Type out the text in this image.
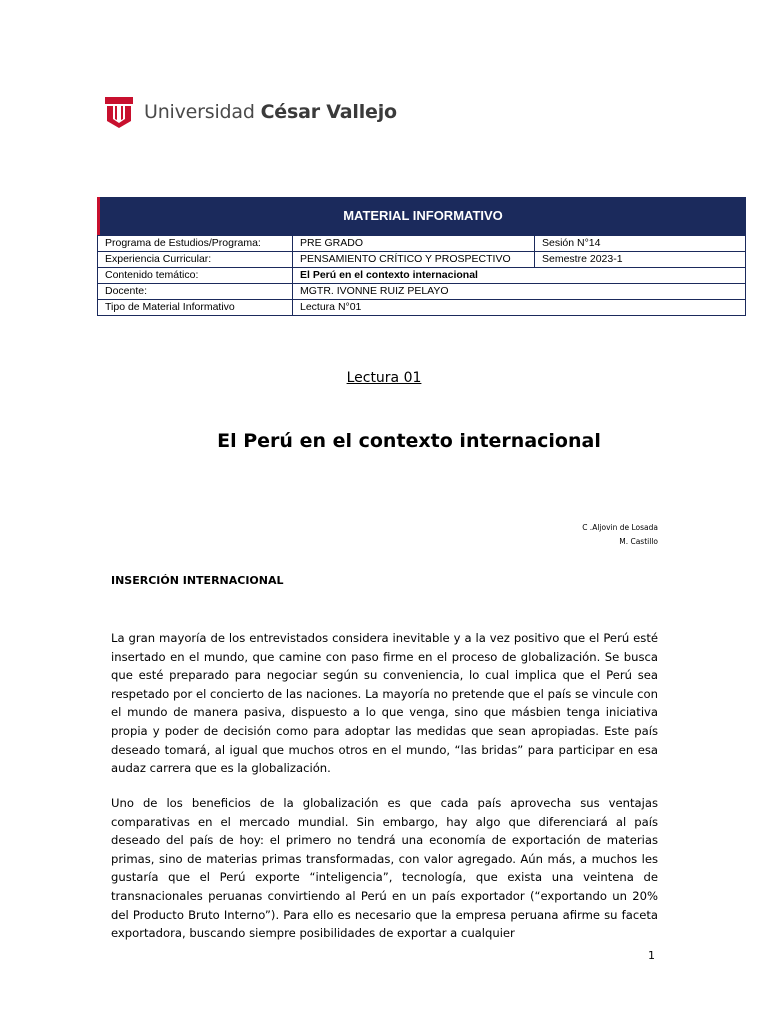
Universidad César Vallejo
MATERIAL INFORMATIVO
Programa de Estudios/Programa:	PRE GRADO	Sesión N°14
Experiencia Curricular:	PENSAMIENTO CRÍTICO Y PROSPECTIVO	Semestre 2023-1
Contenido temático:	El Perú en el contexto internacional	
Docente:	MGTR. IVONNE RUIZ PELAYO	
Tipo de Material Informativo	Lectura N°01	
Lectura 01
El Perú en el contexto internacional
C .Aljovin de Losada
M. Castillo
INSERCIÓN INTERNACIONAL
La gran mayoría de los entrevistados considera inevitable y a la vez positivo que el Perú esté insertado en el mundo, que camine con paso firme en el proceso de globalización. Se busca que esté preparado para negociar según su conveniencia, lo cual implica que el Perú sea respetado por el concierto de las naciones. La mayoría no pretende que el país se vincule con el mundo de manera pasiva, dispuesto a lo que venga, sino que másbien tenga iniciativa propia y poder de decisión como para adoptar las medidas que sean apropiadas. Este país deseado tomará, al igual que muchos otros en el mundo, “las bridas” para participar en esa audaz carrera que es la globalización.
Uno de los beneficios de la globalización es que cada país aprovecha sus ventajas comparativas en el mercado mundial. Sin embargo, hay algo que diferenciará al país deseado del país de hoy: el primero no tendrá una economía de exportación de materias primas, sino de materias primas transformadas, con valor agregado. Aún más, a muchos les gustaría que el Perú exporte “inteligencia”, tecnología, que exista una veintena de transnacionales peruanas convirtiendo al Perú en un país exportador (“exportando un 20% del Producto Bruto Interno”). Para ello es necesario que la empresa peruana afirme su faceta exportadora, buscando siempre posibilidades de exportar a cualquier
1
